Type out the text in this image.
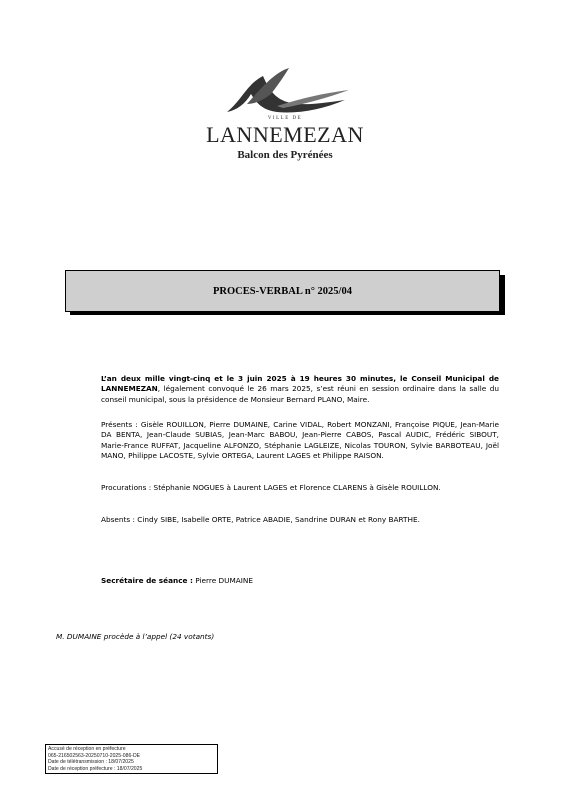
VILLE DE
LANNEMEZAN
Balcon des Pyrénées
PROCES-VERBAL n° 2025/04
L’an deux mille vingt-cinq et le 3 juin 2025 à 19 heures 30 minutes, le Conseil Municipal de LANNEMEZAN, légalement convoqué le 26 mars 2025, s’est réuni en session ordinaire dans la salle du conseil municipal, sous la présidence de Monsieur Bernard PLANO, Maire.
Présents : Gisèle ROUILLON, Pierre DUMAINE, Carine VIDAL, Robert MONZANI, Françoise PIQUE, Jean-Marie DA BENTA, Jean-Claude SUBIAS, Jean-Marc BABOU, Jean-Pierre CABOS, Pascal AUDIC, Frédéric SIBOUT, Marie-France RUFFAT, Jacqueline ALFONZO, Stéphanie LAGLEIZE, Nicolas TOURON, Sylvie BARBOTEAU, Joël MANO, Philippe LACOSTE, Sylvie ORTEGA, Laurent LAGES et Philippe RAISON.
Procurations : Stéphanie NOGUES à Laurent LAGES et Florence CLARENS à Gisèle ROUILLON.
Absents : Cindy SIBE, Isabelle ORTE, Patrice ABADIE, Sandrine DURAN et Rony BARTHE.
Secrétaire de séance : Pierre DUMAINE
M. DUMAINE procède à l’appel (24 votants)
Accusé de réception en préfecture
065-216502563-20250710-2025-086-DE
Date de télétransmission : 18/07/2025
Date de réception préfecture : 18/07/2025
